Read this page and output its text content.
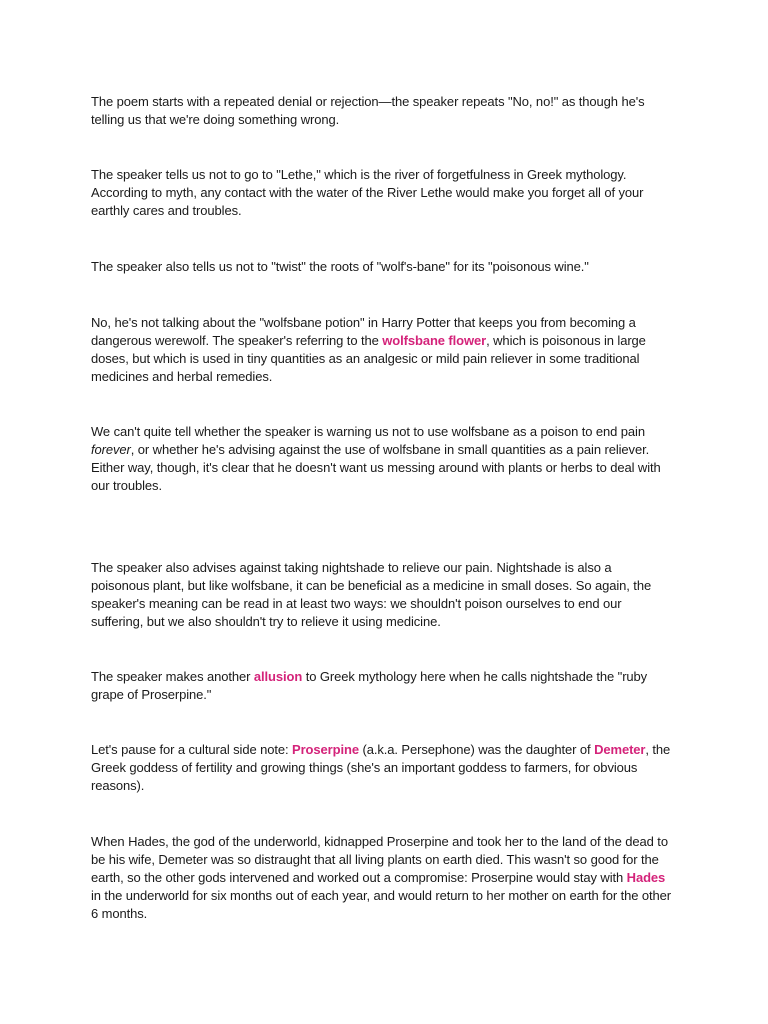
The poem starts with a repeated denial or rejection—the speaker repeats "No, no!" as though he's telling us that we're doing something wrong.

The speaker tells us not to go to "Lethe," which is the river of forgetfulness in Greek mythology. According to myth, any contact with the water of the River Lethe would make you forget all of your earthly cares and troubles.

The speaker also tells us not to "twist" the roots of "wolf's-bane" for its "poisonous wine."

No, he's not talking about the "wolfsbane potion" in Harry Potter that keeps you from becoming a dangerous werewolf. The speaker's referring to the wolfsbane flower, which is poisonous in large doses, but which is used in tiny quantities as an analgesic or mild pain reliever in some traditional medicines and herbal remedies.

We can't quite tell whether the speaker is warning us not to use wolfsbane as a poison to end pain forever, or whether he's advising against the use of wolfsbane in small quantities as a pain reliever. Either way, though, it's clear that he doesn't want us messing around with plants or herbs to deal with our troubles.

The speaker also advises against taking nightshade to relieve our pain. Nightshade is also a poisonous plant, but like wolfsbane, it can be beneficial as a medicine in small doses. So again, the speaker's meaning can be read in at least two ways: we shouldn't poison ourselves to end our suffering, but we also shouldn't try to relieve it using medicine.

The speaker makes another allusion to Greek mythology here when he calls nightshade the "ruby grape of Proserpine."

Let's pause for a cultural side note: Proserpine (a.k.a. Persephone) was the daughter of Demeter, the Greek goddess of fertility and growing things (she's an important goddess to farmers, for obvious reasons).

When Hades, the god of the underworld, kidnapped Proserpine and took her to the land of the dead to be his wife, Demeter was so distraught that all living plants on earth died. This wasn't so good for the earth, so the other gods intervened and worked out a compromise: Proserpine would stay with Hades in the underworld for six months out of each year, and would return to her mother on earth for the other 6 months.
